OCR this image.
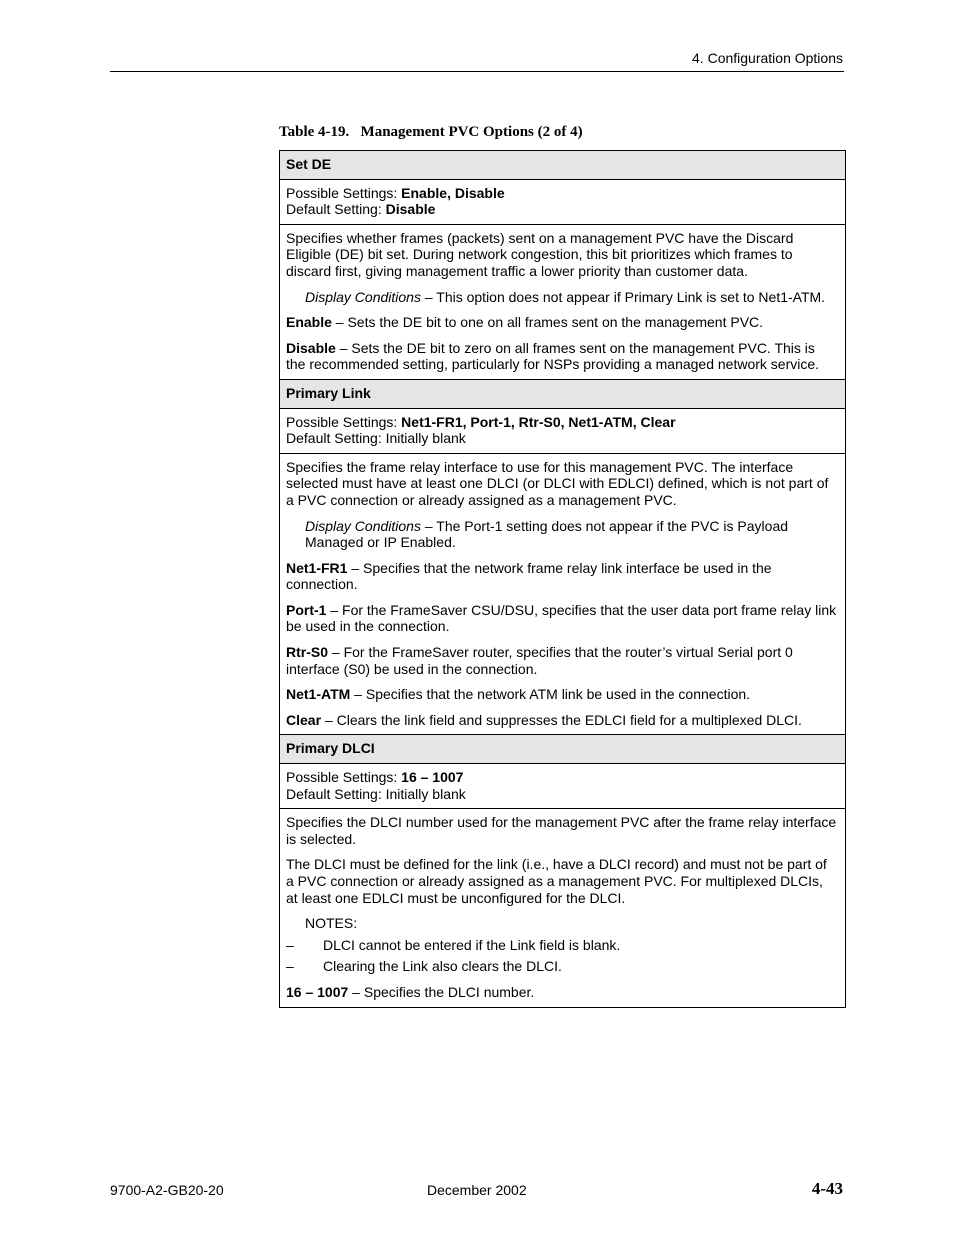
4. Configuration Options
Table 4-19.   Management PVC Options (2 of 4)
Set DE
Possible Settings: Enable, Disable
Default Setting: Disable

Specifies whether frames (packets) sent on a management PVC have the Discard Eligible (DE) bit set. During network congestion, this bit prioritizes which frames to discard first, giving management traffic a lower priority than customer data.

Display Conditions – This option does not appear if Primary Link is set to Net1-ATM.

Enable – Sets the DE bit to one on all frames sent on the management PVC.

Disable – Sets the DE bit to zero on all frames sent on the management PVC. This is the recommended setting, particularly for NSPs providing a managed network service.

Primary Link
Possible Settings: Net1-FR1, Port-1, Rtr-S0, Net1-ATM, Clear
Default Setting: Initially blank

Specifies the frame relay interface to use for this management PVC. The interface selected must have at least one DLCI (or DLCI with EDLCI) defined, which is not part of a PVC connection or already assigned as a management PVC.

Display Conditions – The Port-1 setting does not appear if the PVC is Payload Managed or IP Enabled.

Net1-FR1 – Specifies that the network frame relay link interface be used in the connection.

Port-1 – For the FrameSaver CSU/DSU, specifies that the user data port frame relay link be used in the connection.

Rtr-S0 – For the FrameSaver router, specifies that the router’s virtual Serial port 0 interface (S0) be used in the connection.

Net1-ATM – Specifies that the network ATM link be used in the connection.

Clear – Clears the link field and suppresses the EDLCI field for a multiplexed DLCI.

Primary DLCI
Possible Settings: 16 – 1007
Default Setting: Initially blank

Specifies the DLCI number used for the management PVC after the frame relay interface is selected.

The DLCI must be defined for the link (i.e., have a DLCI record) and must not be part of a PVC connection or already assigned as a management PVC. For multiplexed DLCIs, at least one EDLCI must be unconfigured for the DLCI.

NOTES:

– DLCI cannot be entered if the Link field is blank.
– Clearing the Link also clears the DLCI.

16 – 1007 – Specifies the DLCI number.

9700-A2-GB20-20	December 2002	4-43
